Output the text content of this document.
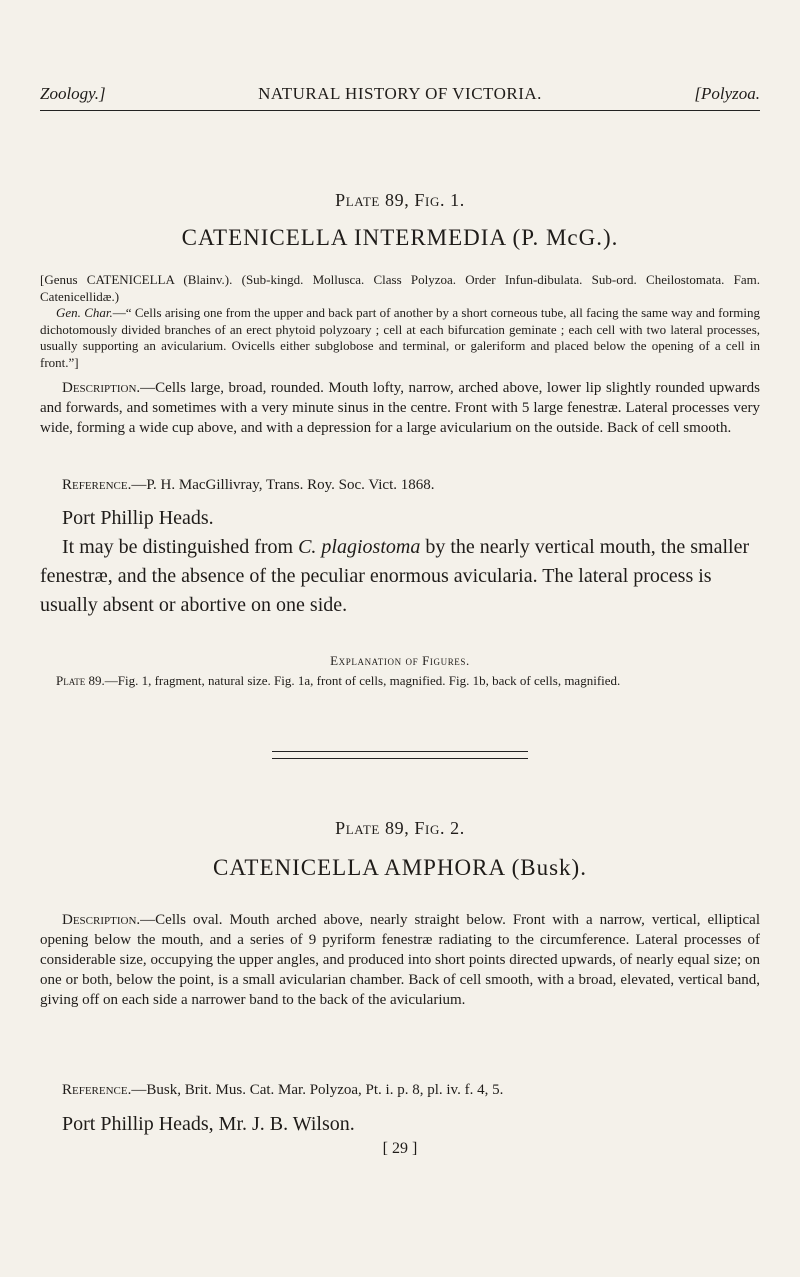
Zoology.]	NATURAL HISTORY OF VICTORIA.	[Polyzoa.
Plate 89, Fig. 1.
CATENICELLA INTERMEDIA (P. McG.).

[Genus CATENICELLA (Blainv.). (Sub-kingd. Mollusca. Class Polyzoa. Order Infun-dibulata. Sub-ord. Cheilostomata. Fam. Catenicellidæ.)

Gen. Char.—“ Cells arising one from the upper and back part of another by a short corneous tube, all facing the same way and forming dichotomously divided branches of an erect phytoid polyzoary ; cell at each bifurcation geminate ; each cell with two lateral processes, usually supporting an avicularium. Ovicells either subglobose and terminal, or galeriform and placed below the opening of a cell in front.”]

Description.—Cells large, broad, rounded. Mouth lofty, narrow, arched above, lower lip slightly rounded upwards and forwards, and sometimes with a very minute sinus in the centre. Front with 5 large fenestræ. Lateral processes very wide, forming a wide cup above, and with a depression for a large avicularium on the outside. Back of cell smooth.

Reference.—P. H. MacGillivray, Trans. Roy. Soc. Vict. 1868.

Port Phillip Heads.

It may be distinguished from C. plagiostoma by the nearly vertical mouth, the smaller fenestræ, and the absence of the peculiar enormous avicularia. The lateral process is usually absent or abortive on one side.

Explanation of Figures.

Plate 89.—Fig. 1, fragment, natural size. Fig. 1a, front of cells, magnified. Fig. 1b, back of cells, magnified.

Plate 89, Fig. 2.
CATENICELLA AMPHORA (Busk).

Description.—Cells oval. Mouth arched above, nearly straight below. Front with a narrow, vertical, elliptical opening below the mouth, and a series of 9 pyriform fenestræ radiating to the circumference. Lateral processes of considerable size, occupying the upper angles, and produced into short points directed upwards, of nearly equal size; on one or both, below the point, is a small avicularian chamber. Back of cell smooth, with a broad, elevated, vertical band, giving off on each side a narrower band to the back of the avicularium.

Reference.—Busk, Brit. Mus. Cat. Mar. Polyzoa, Pt. i. p. 8, pl. iv. f. 4, 5.

Port Phillip Heads, Mr. J. B. Wilson.

[ 29 ]
